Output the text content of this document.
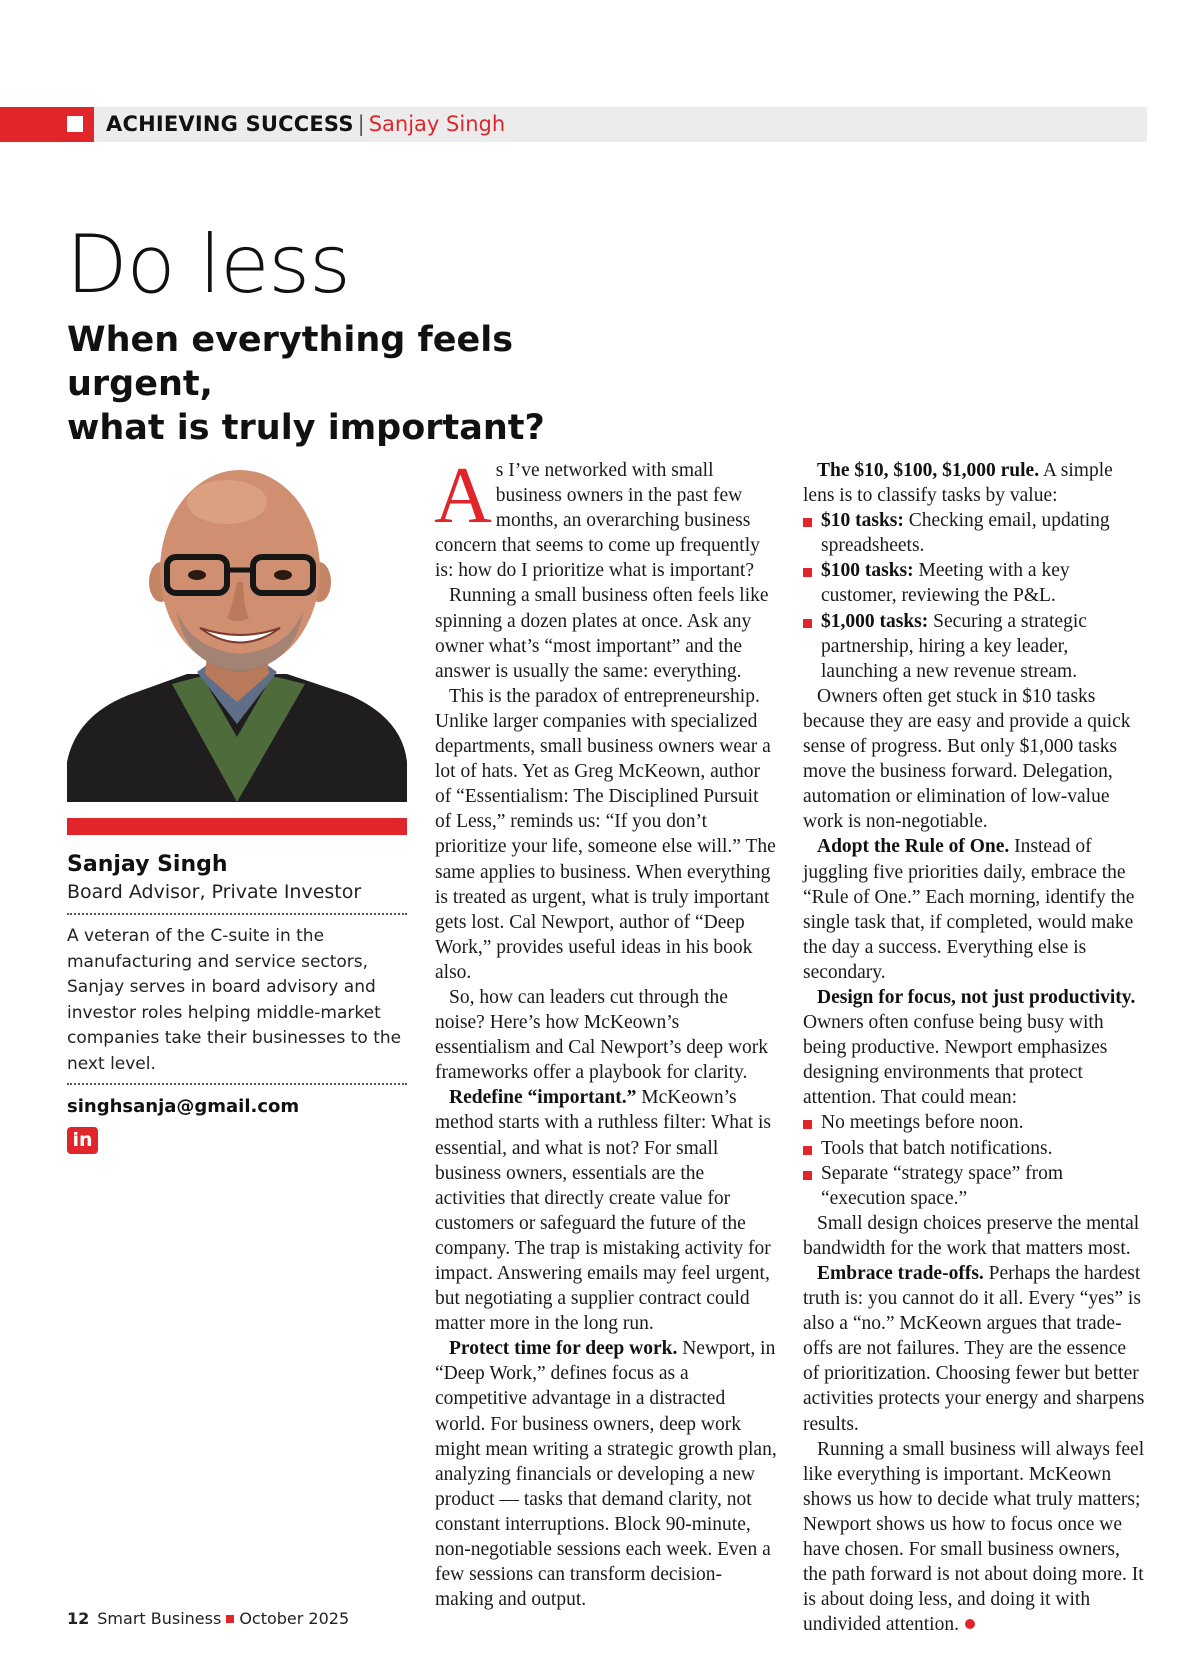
ACHIEVING SUCCESS | Sanjay Singh
Do less
When everything feels urgent,
what is truly important?
Sanjay Singh
Board Advisor, Private Investor
A veteran of the C-suite in the manufacturing and service sectors, Sanjay serves in board advisory and investor roles helping middle-market companies take their businesses to the next level.
singhsanja@gmail.com
in

As I’ve networked with small business owners in the past few months, an overarching business concern that seems to come up frequently is: how do I prioritize what is important?

Running a small business often feels like spinning a dozen plates at once. Ask any owner what’s “most important” and the answer is usually the same: everything.

This is the paradox of entrepreneurship. Unlike larger companies with specialized departments, small business owners wear a lot of hats. Yet as Greg McKeown, author of “Essentialism: The Disciplined Pursuit of Less,” reminds us: “If you don’t prioritize your life, someone else will.” The same applies to business. When everything is treated as urgent, what is truly important gets lost. Cal Newport, author of “Deep Work,” provides useful ideas in his book also.

So, how can leaders cut through the noise? Here’s how McKeown’s essentialism and Cal Newport’s deep work frameworks offer a playbook for clarity.

Redefine “important.” McKeown’s method starts with a ruthless filter: What is essential, and what is not? For small business owners, essentials are the activities that directly create value for customers or safeguard the future of the company. The trap is mistaking activity for impact. Answering emails may feel urgent, but negotiating a supplier contract could matter more in the long run.

Protect time for deep work. Newport, in “Deep Work,” defines focus as a competitive advantage in a distracted world. For business owners, deep work might mean writing a strategic growth plan, analyzing financials or developing a new product — tasks that demand clarity, not constant interruptions. Block 90-minute, non-negotiable sessions each week. Even a few sessions can transform decision-making and output.

The $10, $100, $1,000 rule. A simple lens is to classify tasks by value:

$10 tasks: Checking email, updating spreadsheets.
$100 tasks: Meeting with a key customer, reviewing the P&L.
$1,000 tasks: Securing a strategic partnership, hiring a key leader, launching a new revenue stream.

Owners often get stuck in $10 tasks because they are easy and provide a quick sense of progress. But only $1,000 tasks move the business forward. Delegation, automation or elimination of low-value work is non-negotiable.

Adopt the Rule of One. Instead of juggling five priorities daily, embrace the “Rule of One.” Each morning, identify the single task that, if completed, would make the day a success. Everything else is secondary.

Design for focus, not just productivity. Owners often confuse being busy with being productive. Newport emphasizes designing environments that protect attention. That could mean:

No meetings before noon.
Tools that batch notifications.
Separate “strategy space” from “execution space.”

Small design choices preserve the mental bandwidth for the work that matters most.

Embrace trade-offs. Perhaps the hardest truth is: you cannot do it all. Every “yes” is also a “no.” McKeown argues that trade-offs are not failures. They are the essence of prioritization. Choosing fewer but better activities protects your energy and sharpens results.

Running a small business will always feel like everything is important. McKeown shows us how to decide what truly matters; Newport shows us how to focus once we have chosen. For small business owners, the path forward is not about doing more. It is about doing less, and doing it with undivided attention.

12 Smart Business October 2025
